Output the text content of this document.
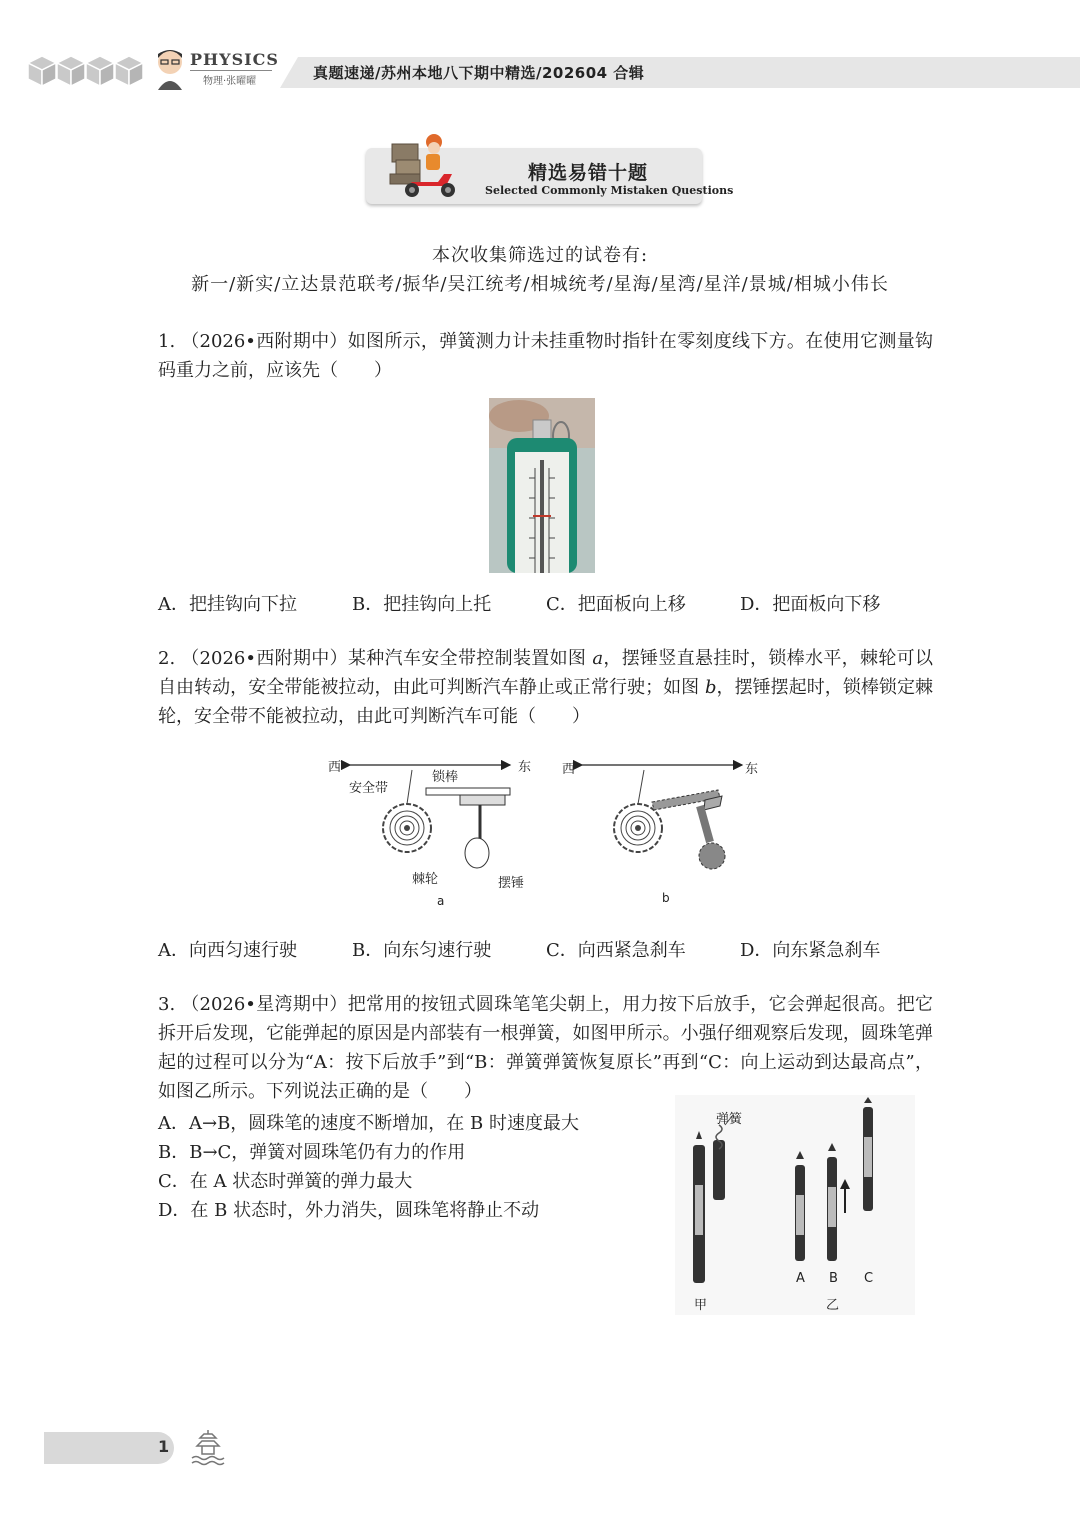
PHYSICS
物理·张曜曜	真题速递/苏州本地八下期中精选/202604 合辑
精选易错十题
Selected Commonly Mistaken Questions
本次收集筛选过的试卷有:
新一/新实/立达景范联考/振华/吴江统考/相城统考/星海/星湾/星洋/景城/相城小伟长
1. （2026•西附期中）如图所示，弹簧测力计未挂重物时指针在零刻度线下方。在使用它测量钩码重力之前，应该先（　　）
A．把挂钩向下拉	B．把挂钩向上托	C．把面板向上移	D．把面板向下移
2. （2026•西附期中）某种汽车安全带控制装置如图 a，摆锤竖直悬挂时，锁棒水平，棘轮可以自由转动，安全带能被拉动，由此可判断汽车静止或正常行驶；如图 b，摆锤摆起时，锁棒锁定棘轮，安全带不能被拉动，由此可判断汽车可能（　　）
西	东
安全带
锁棒
棘轮	摆锤
a
西	东
b
A．向西匀速行驶	B．向东匀速行驶	C．向西紧急刹车	D．向东紧急刹车
3. （2026•星湾期中）把常用的按钮式圆珠笔笔尖朝上，用力按下后放手，它会弹起很高。把它拆开后发现，它能弹起的原因是内部装有一根弹簧，如图甲所示。小强仔细观察后发现，圆珠笔弹起的过程可以分为“A：按下后放手”到“B：弹簧弹簧恢复原长”再到“C：向上运动到达最高点”，如图乙所示。下列说法正确的是（　　）
A．A→B，圆珠笔的速度不断增加，在 B 时速度最大
B．B→C，弹簧对圆珠笔仍有力的作用
C．在 A 状态时弹簧的弹力最大
D．在 B 状态时，外力消失，圆珠笔将静止不动
弹簧
甲
A B C
乙
1
